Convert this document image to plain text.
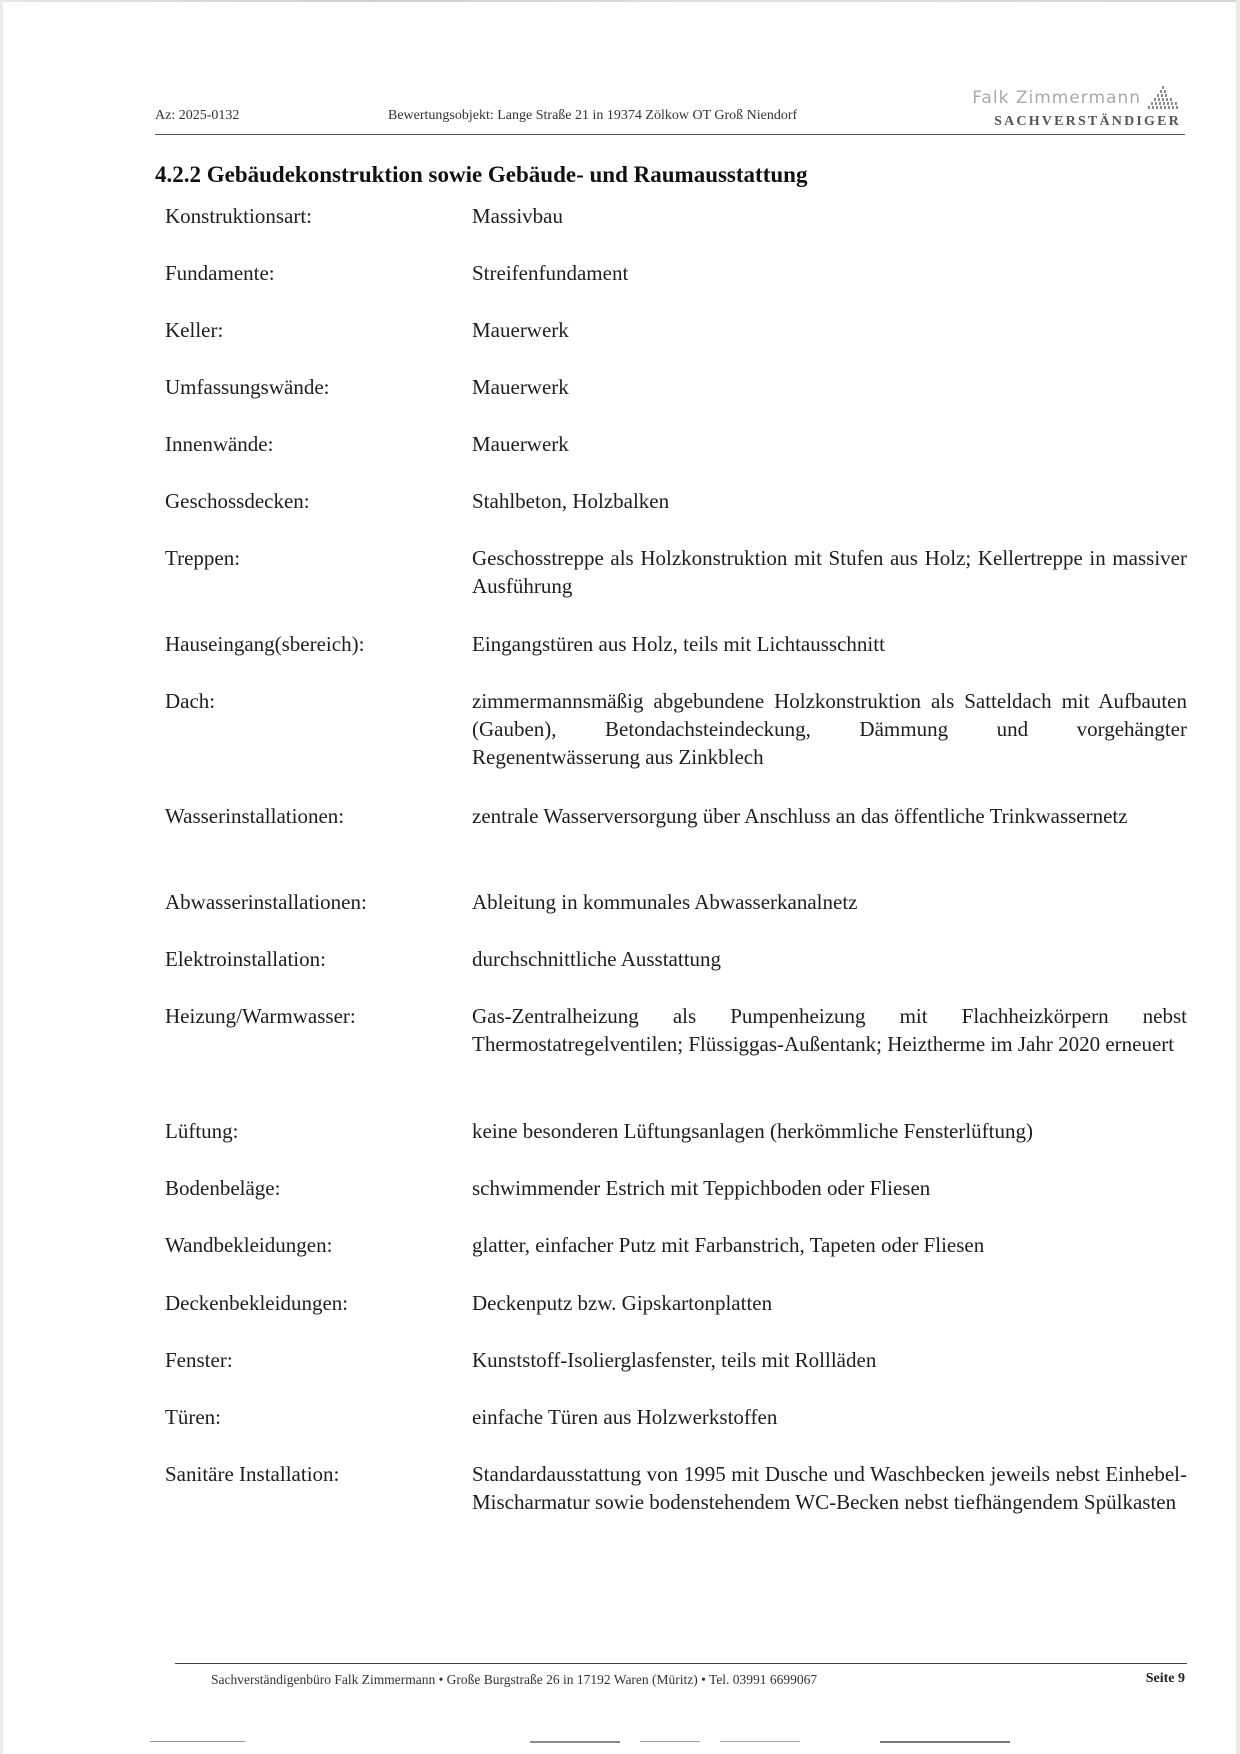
Az: 2025-0132	Bewertungsobjekt: Lange Straße 21 in 19374 Zölkow OT Groß Niendorf
Falk Zimmermann
SACHVERSTÄNDIGER
4.2.2 Gebäudekonstruktion sowie Gebäude- und Raumausstattung
Konstruktionsart:	Massivbau
Fundamente:	Streifenfundament
Keller:	Mauerwerk
Umfassungswände:	Mauerwerk
Innenwände:	Mauerwerk
Geschossdecken:	Stahlbeton, Holzbalken
Treppen:	Geschosstreppe als Holzkonstruktion mit Stufen aus Holz; Kellertreppe in massiver Ausführung
Hauseingang(sbereich):	Eingangstüren aus Holz, teils mit Lichtausschnitt
Dach:	zimmermannsmäßig abgebundene Holzkonstruktion als Satteldach mit Aufbauten (Gauben), Betondachsteindeckung, Dämmung und vorgehängter Regenentwässerung aus Zinkblech
Wasserinstallationen:	zentrale Wasserversorgung über Anschluss an das öffentliche Trinkwassernetz
Abwasserinstallationen:	Ableitung in kommunales Abwasserkanalnetz
Elektroinstallation:	durchschnittliche Ausstattung
Heizung/Warmwasser:	Gas-Zentralheizung als Pumpenheizung mit Flachheizkörpern nebst Thermostatregelventilen; Flüssiggas-Außentank; Heiztherme im Jahr 2020 erneuert
Lüftung:	keine besonderen Lüftungsanlagen (herkömmliche Fensterlüftung)
Bodenbeläge:	schwimmender Estrich mit Teppichboden oder Fliesen
Wandbekleidungen:	glatter, einfacher Putz mit Farbanstrich, Tapeten oder Fliesen
Deckenbekleidungen:	Deckenputz bzw. Gipskartonplatten
Fenster:	Kunststoff-Isolierglasfenster, teils mit Rollläden
Türen:	einfache Türen aus Holzwerkstoffen
Sanitäre Installation:	Standardausstattung von 1995 mit Dusche und Waschbecken jeweils nebst Einhebel-Mischarmatur sowie bodenstehendem WC-Becken nebst tiefhängendem Spülkasten
Sachverständigenbüro Falk Zimmermann • Große Burgstraße 26 in 17192 Waren (Müritz) • Tel. 03991 6699067	Seite 9
